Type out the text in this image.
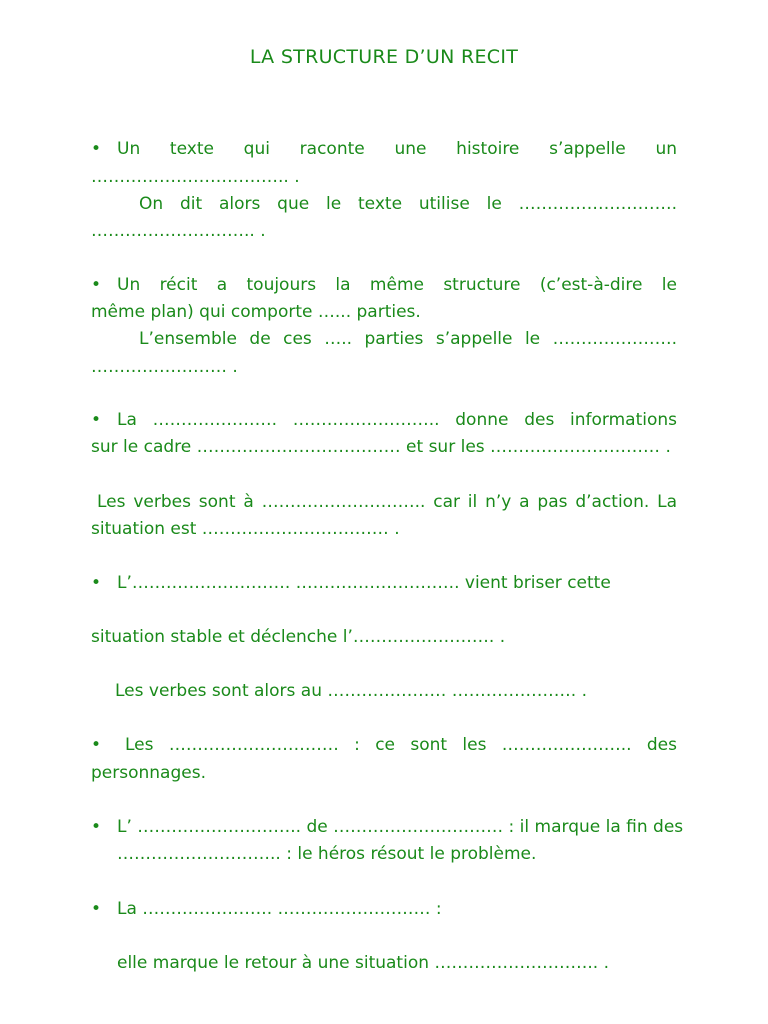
LA STRUCTURE D’UN RECIT
• Un texte qui raconte une histoire s’appelle un
…………………………….. .
On dit alors que le texte utilise le ……………………….
……………………….. .
• Un récit a toujours la même structure (c’est-à-dire le
même plan) qui comporte …... parties.
L’ensemble de ces ….. parties s’appelle le ………………….
…………………… .
• La …………………. …………………….. donne des informations
sur le cadre ……………………………… et sur les ………………………… .
Les verbes sont à ……………………….. car il n’y a pas d’action. La
situation est …………………………… .
• L’………………………. ……………………….. vient briser cette
situation stable et déclenche l’……………………. .
Les verbes sont alors au ………………… …………………. .
• Les ………………………… : ce sont les ………………….. des
personnages.
• L’ ……………………….. de ………………………… : il marque la fin des
……………………….. : le héros résout le problème.
• La ………………….. ……………………… :
elle marque le retour à une situation ……………………….. .
